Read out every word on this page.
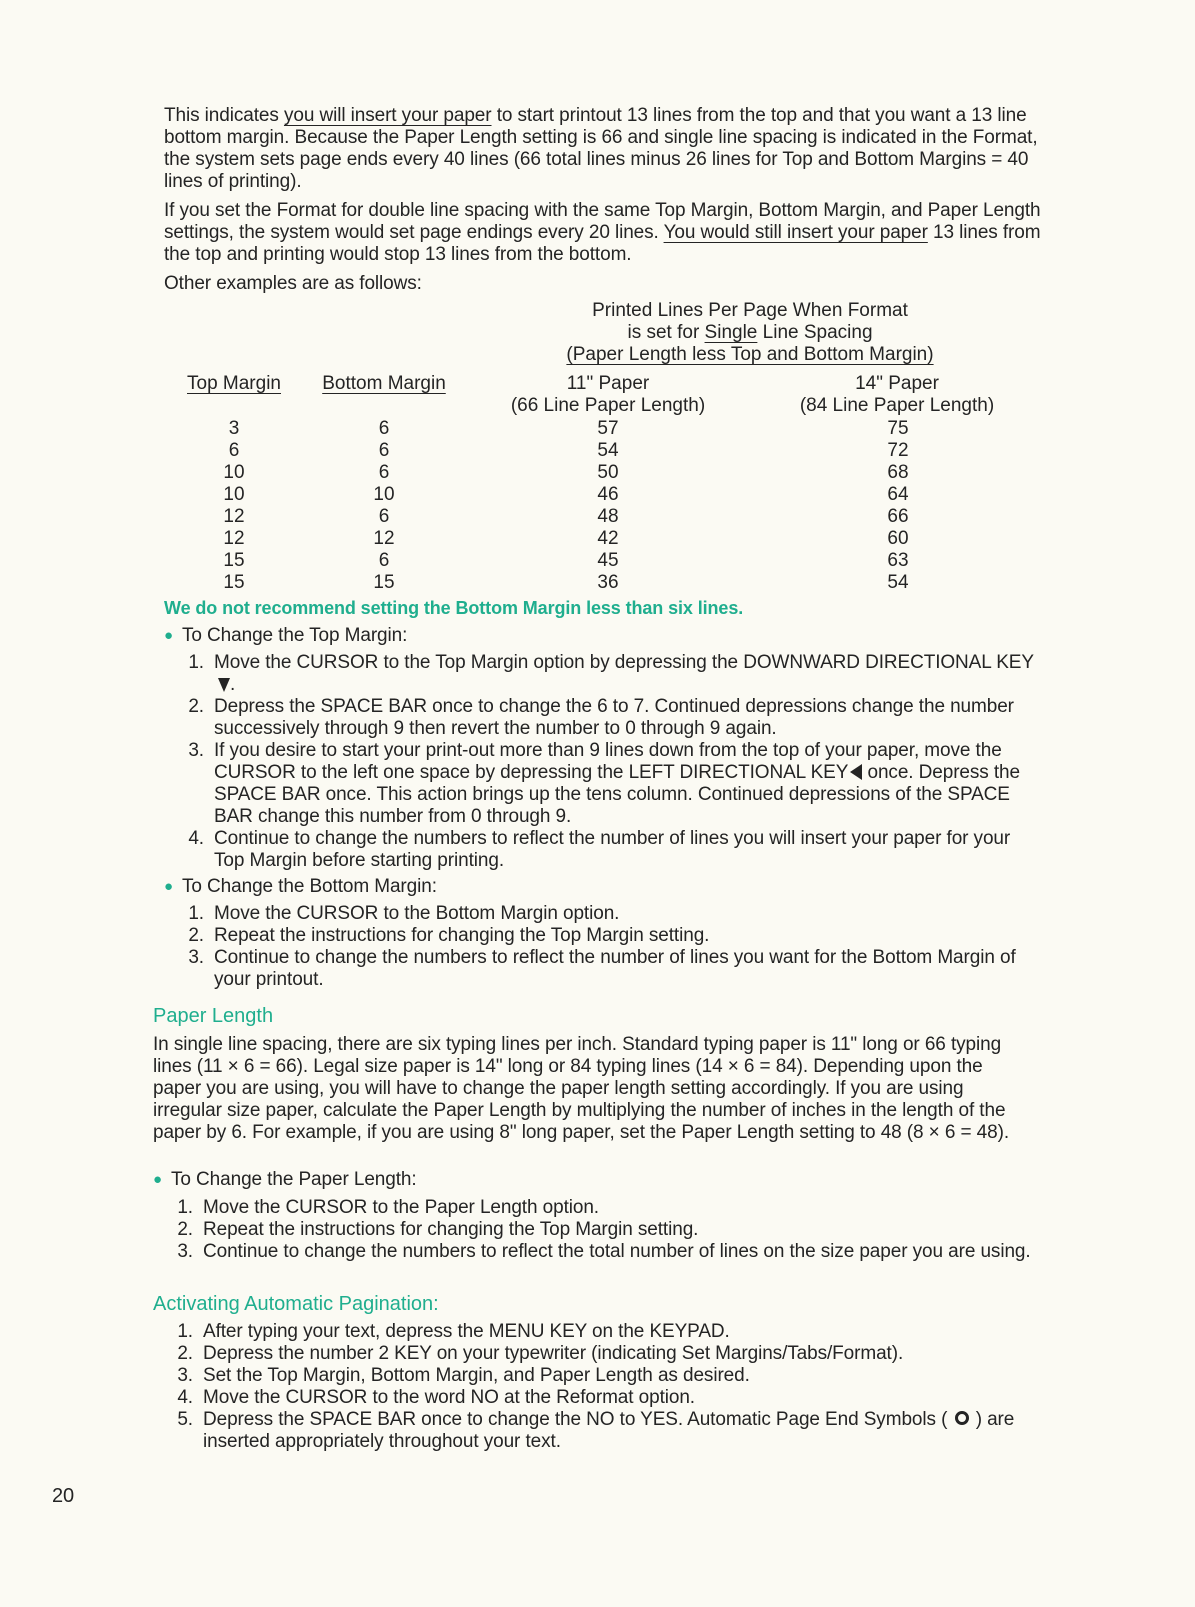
This indicates you will insert your paper to start printout 13 lines from the top and that you want a 13 line bottom margin. Because the Paper Length setting is 66 and single line spacing is indicated in the Format, the system sets page ends every 40 lines (66 total lines minus 26 lines for Top and Bottom Margins = 40 lines of printing).

If you set the Format for double line spacing with the same Top Margin, Bottom Margin, and Paper Length settings, the system would set page endings every 20 lines. You would still insert your paper 13 lines from the top and printing would stop 13 lines from the bottom.

Other examples are as follows:

Printed Lines Per Page When Format
is set for Single Line Spacing
(Paper Length less Top and Bottom Margin)
Top Margin	Bottom Margin	11" Paper
(66 Line Paper Length)
14" Paper
(84 Line Paper Length)
3
6
10
10
12
12
15
15
6
6
6
10
6
12
6
15
57
54
50
46
48
42
45
36
75
72
68
64
66
60
63
54

We do not recommend setting the Bottom Margin less than six lines.

● To Change the Top Margin:

1. Move the CURSOR to the Top Margin option by depressing the DOWNWARD DIRECTIONAL KEY .
2. Depress the SPACE BAR once to change the 6 to 7. Continued depressions change the number successively through 9 then revert the number to 0 through 9 again.
3. If you desire to start your print-out more than 9 lines down from the top of your paper, move the CURSOR to the left one space by depressing the LEFT DIRECTIONAL KEY once. Depress the SPACE BAR once. This action brings up the tens column. Continued depressions of the SPACE BAR change this number from 0 through 9.
4. Continue to change the numbers to reflect the number of lines you will insert your paper for your Top Margin before starting printing.

● To Change the Bottom Margin:

1. Move the CURSOR to the Bottom Margin option.
2. Repeat the instructions for changing the Top Margin setting.
3. Continue to change the numbers to reflect the number of lines you want for the Bottom Margin of your printout.
Paper Length

In single line spacing, there are six typing lines per inch. Standard typing paper is 11" long or 66 typing lines (11 × 6 = 66). Legal size paper is 14" long or 84 typing lines (14 × 6 = 84). Depending upon the paper you are using, you will have to change the paper length setting accordingly. If you are using irregular size paper, calculate the Paper Length by multiplying the number of inches in the length of the paper by 6. For example, if you are using 8" long paper, set the Paper Length setting to 48 (8 × 6 = 48).

● To Change the Paper Length:

1. Move the CURSOR to the Paper Length option.
2. Repeat the instructions for changing the Top Margin setting.
3. Continue to change the numbers to reflect the total number of lines on the size paper you are using.
Activating Automatic Pagination:
1. After typing your text, depress the MENU KEY on the KEYPAD.
2. Depress the number 2 KEY on your typewriter (indicating Set Margins/Tabs/Format).
3. Set the Top Margin, Bottom Margin, and Paper Length as desired.
4. Move the CURSOR to the word NO at the Reformat option.
5. Depress the SPACE BAR once to change the NO to YES. Automatic Page End Symbols ( ) are inserted appropriately throughout your text.
20
